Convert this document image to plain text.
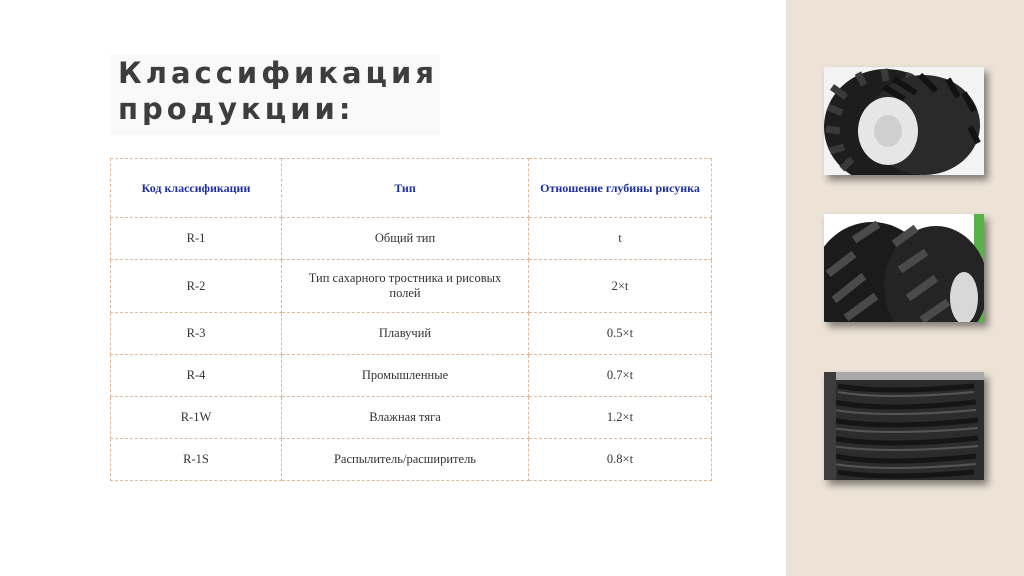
Классификация
продукции:
Код классификации	Тип	Отношение глубины рисунка
R-1	Общий тип	t
R-2	Тип сахарного тростника и рисовых полей	2×t
R-3	Плавучий	0.5×t
R-4	Промышленные	0.7×t
R-1W	Влажная тяга	1.2×t
R-1S	Распылитель/расширитель	0.8×t
